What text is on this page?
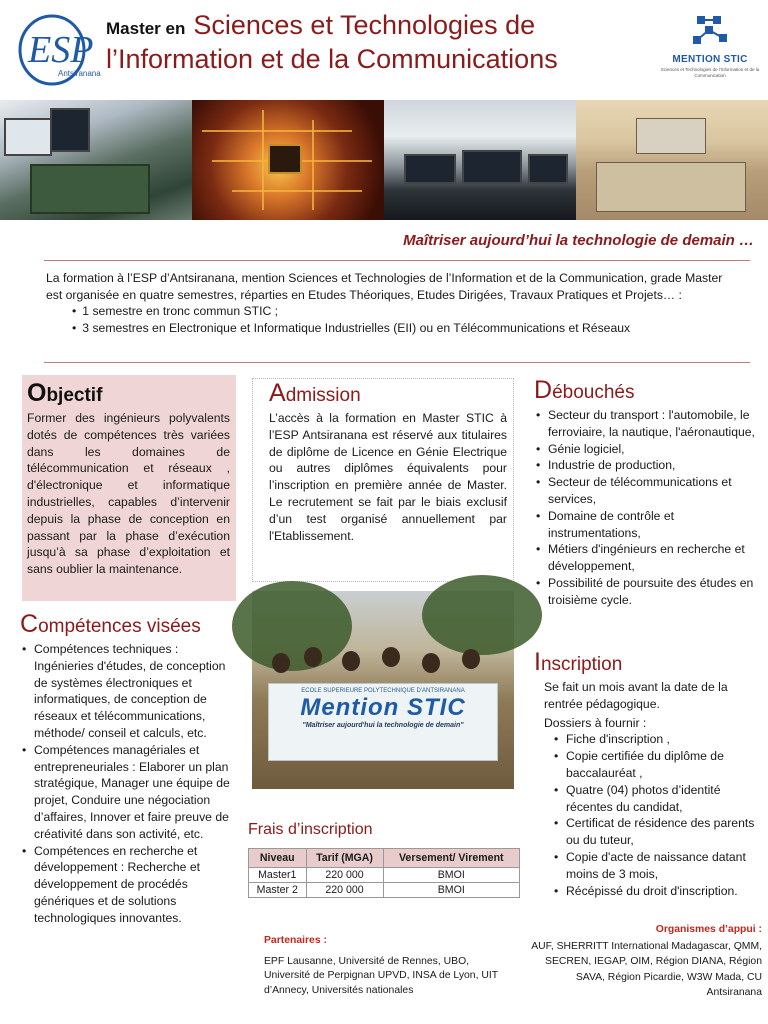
ESP
Antsiranana
Master en Sciences et Technologies de
l’Information et de la Communications	MENTION STIC
Sciences et Technologies de l'Information et de la Communication
Maîtriser aujourd’hui la technologie de demain …

La formation à l’ESP d’Antsiranana, mention Sciences et Technologies de l’Information et de la Communication, grade Master est organisée en quatre semestres, réparties en Etudes Théoriques, Etudes Dirigées, Travaux Pratiques et Projets… :

• 1 semestre en tronc commun STIC ;
• 3 semestres en Electronique et Informatique Industrielles (EII) ou en Télécommunications et Réseaux
Objectif

Former des ingénieurs polyvalents dotés de compétences très variées dans les domaines de télécommunication et réseaux , d'électronique et informatique industrielles, capables d’intervenir depuis la phase de conception en passant par la phase d’exécution jusqu’à sa phase d’exploitation et sans oublier la maintenance.

Compétences visées
• Compétences techniques : Ingénieries d'études, de conception de systèmes électroniques et informatiques, de conception de réseaux et télécommunications, méthode/ conseil et calculs, etc.
• Compétences managériales et entrepreneuriales : Elaborer un plan stratégique, Manager une équipe de projet, Conduire une négociation d’affaires, Innover et faire preuve de créativité dans son activité, etc.
• Compétences en recherche et développement : Recherche et développement de procédés génériques et de solutions technologiques innovantes.
Admission

L’accès à la formation en Master STIC à l’ESP Antsiranana est réservé aux titulaires de diplôme de Licence en Génie Electrique ou autres diplômes équivalents pour l’inscription en première année de Master. Le recrutement se fait par le biais exclusif d’un test organisé annuellement par l'Etablissement.

ECOLE SUPERIEURE POLYTECHNIQUE D'ANTSIRANANA
Mention STIC
"Maîtriser aujourd'hui la technologie de demain"
Frais d’inscription
Niveau	Tarif (MGA)	Versement/ Virement
Master1	220 000	BMOI
Master 2	220 000	BMOI
Partenaires :

EPF Lausanne, Université de Rennes, UBO, Université de Perpignan UPVD, INSA de Lyon, UIT d’Annecy, Universités nationales

Débouchés
• Secteur du transport : l'automobile, le ferroviaire, la nautique, l'aéronautique,
• Génie logiciel,
• Industrie de production,
• Secteur de télécommunications et services,
• Domaine de contrôle et instrumentations,
• Métiers d'ingénieurs en recherche et développement,
• Possibilité de poursuite des études en troisième cycle.
Inscription

Se fait un mois avant la date de la rentrée pédagogique.

Dossiers à fournir :

• Fiche d'inscription ,
• Copie certifiée du diplôme de baccalauréat ,
• Quatre (04) photos d’identité récentes du candidat,
• Certificat de résidence des parents ou du tuteur,
• Copie d'acte de naissance datant moins de 3 mois,
• Récépissé du droit d'inscription.
Organismes d’appui :

AUF, SHERRITT International Madagascar, QMM, SECREN, IEGAP, OIM, Région DIANA, Région SAVA, Région Picardie, W3W Mada, CU Antsiranana
